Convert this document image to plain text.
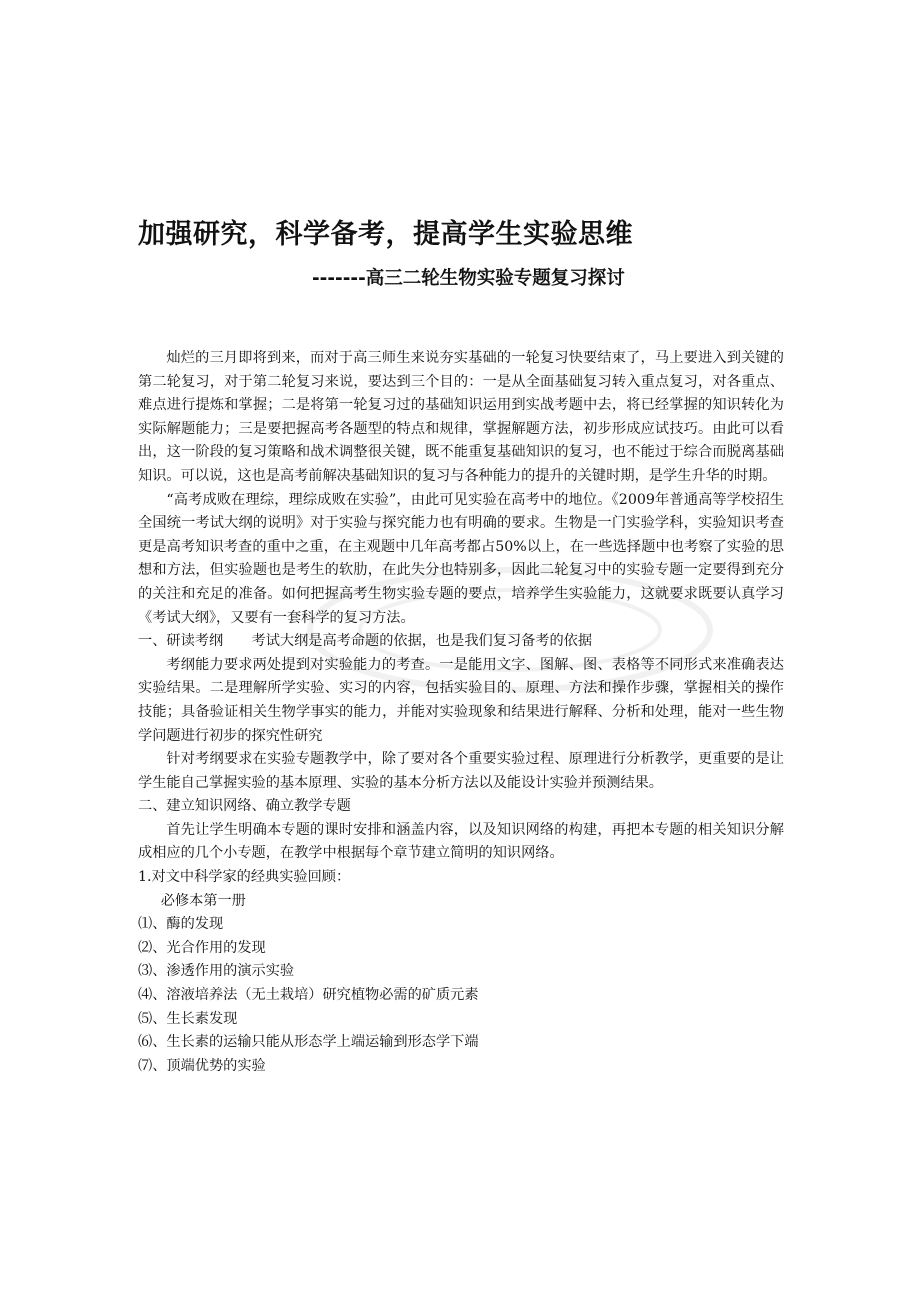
加强研究，科学备考，提高学生实验思维
-------高三二轮生物实验专题复习探讨

灿烂的三月即将到来，而对于高三师生来说夯实基础的一轮复习快要结束了，马上要进入到关键的第二轮复习，对于第二轮复习来说，要达到三个目的：一是从全面基础复习转入重点复习，对各重点、难点进行提炼和掌握；二是将第一轮复习过的基础知识运用到实战考题中去，将已经掌握的知识转化为实际解题能力；三是要把握高考各题型的特点和规律，掌握解题方法，初步形成应试技巧。由此可以看出，这一阶段的复习策略和战术调整很关键，既不能重复基础知识的复习，也不能过于综合而脱离基础知识。可以说，这也是高考前解决基础知识的复习与各种能力的提升的关键时期，是学生升华的时期。

“高考成败在理综，理综成败在实验”，由此可见实验在高考中的地位。《2009年普通高等学校招生全国统一考试大纲的说明》对于实验与探究能力也有明确的要求。生物是一门实验学科，实验知识考查更是高考知识考查的重中之重，在主观题中几年高考都占50%以上，在一些选择题中也考察了实验的思想和方法，但实验题也是考生的软肋，在此失分也特别多，因此二轮复习中的实验专题一定要得到充分的关注和充足的准备。如何把握高考生物实验专题的要点，培养学生实验能力，这就要求既要认真学习《考试大纲》，又要有一套科学的复习方法。

一、研读考纲　　考试大纲是高考命题的依据，也是我们复习备考的依据

考纲能力要求两处提到对实验能力的考查。一是能用文字、图解、图、表格等不同形式来准确表达实验结果。二是理解所学实验、实习的内容，包括实验目的、原理、方法和操作步骤，掌握相关的操作技能；具备验证相关生物学事实的能力，并能对实验现象和结果进行解释、分析和处理，能对一些生物学问题进行初步的探究性研究

针对考纲要求在实验专题教学中，除了要对各个重要实验过程、原理进行分析教学，更重要的是让学生能自己掌握实验的基本原理、实验的基本分析方法以及能设计实验并预测结果。

二、建立知识网络、确立教学专题

首先让学生明确本专题的课时安排和涵盖内容，以及知识网络的构建，再把本专题的相关知识分解成相应的几个小专题，在教学中根据每个章节建立简明的知识网络。

1.对文中科学家的经典实验回顾：

必修本第一册

⑴、酶的发现

⑵、光合作用的发现

⑶、渗透作用的演示实验

⑷、溶液培养法（无土栽培）研究植物必需的矿质元素

⑸、生长素发现

⑹、生长素的运输只能从形态学上端运输到形态学下端

⑺、顶端优势的实验
